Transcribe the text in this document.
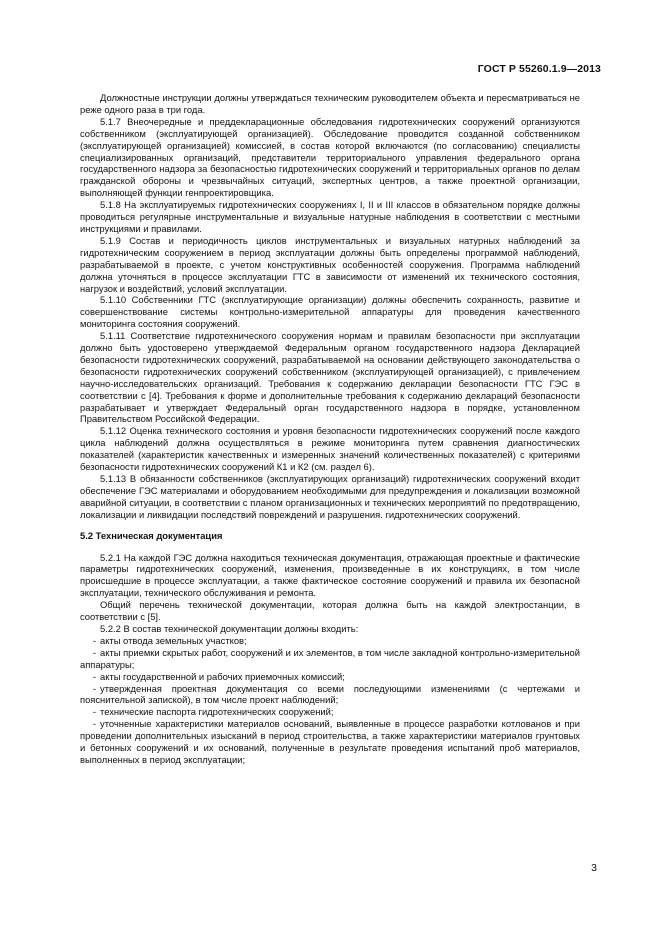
ГОСТ Р 55260.1.9—2013

Должностные инструкции должны утверждаться техническим руководителем объекта и пересматриваться не реже одного раза в три года.

5.1.7 Внеочередные и преддекларационные обследования гидротехнических сооружений организуются собственником (эксплуатирующей организацией). Обследование проводится созданной собственником (эксплуатирующей организацией) комиссией, в состав которой включаются (по согласованию) специалисты специализированных организаций, представители территориального управления федерального органа государственного надзора за безопасностью гидротехнических сооружений и территориальных органов по делам гражданской обороны и чрезвычайных ситуаций, экспертных центров, а также проектной организации, выполняющей функции генпроектировщика.

5.1.8 На эксплуатируемых гидротехнических сооружениях I, II и III классов в обязательном порядке должны проводиться регулярные инструментальные и визуальные натурные наблюдения в соответствии с местными инструкциями и правилами.

5.1.9 Состав и периодичность циклов инструментальных и визуальных натурных наблюдений за гидротехническим сооружением в период эксплуатации должны быть определены программой наблюдений, разрабатываемой в проекте, с учетом конструктивных особенностей сооружения. Программа наблюдений должна уточняться в процессе эксплуатации ГТС в зависимости от изменений их технического состояния, нагрузок и воздействий, условий эксплуатации.

5.1.10 Собственники ГТС (эксплуатирующие организации) должны обеспечить сохранность, развитие и совершенствование системы контрольно-измерительной аппаратуры для проведения качественного мониторинга состояния сооружений.

5.1.11 Соответствие гидротехнического сооружения нормам и правилам безопасности при эксплуатации должно быть удостоверено утверждаемой Федеральным органом государственного надзора Декларацией безопасности гидротехнических сооружений, разрабатываемой на основании действующего законодательства о безопасности гидротехнических сооружений собственником (эксплуатирующей организацией), с привлечением научно-исследовательских организаций. Требования к содержанию декларации безопасности ГТС ГЭС в соответствии с [4]. Требования к форме и дополнительные требования к содержанию деклараций безопасности разрабатывает и утверждает Федеральный орган государственного надзора в порядке, установленном Правительством Российской Федерации.

5.1.12 Оценка технического состояния и уровня безопасности гидротехнических сооружений после каждого цикла наблюдений должна осуществляться в режиме мониторинга путем сравнения диагностических показателей (характеристик качественных и измеренных значений количественных показателей) с критериями безопасности гидротехнических сооружений К1 и К2 (см. раздел 6).

5.1.13 В обязанности собственников (эксплуатирующих организаций) гидротехнических сооружений входит обеспечение ГЭС материалами и оборудованием необходимыми для предупреждения и локализации возможной аварийной ситуации, в соответствии с планом организационных и технических мероприятий по предотвращению, локализации и ликвидации последствий повреждений и разрушения. гидротехнических сооружений.

5.2 Техническая документация

5.2.1 На каждой ГЭС должна находиться техническая документация, отражающая проектные и фактические параметры гидротехнических сооружений, изменения, произведенные в их конструкциях, в том числе происшедшие в процессе эксплуатации, а также фактическое состояние сооружений и правила их безопасной эксплуатации, технического обслуживания и ремонта.

Общий перечень технической документации, которая должна быть на каждой электростанции, в соответствии с [5].

5.2.2 В состав технической документации должны входить:

- акты отвода земельных участков;

- акты приемки скрытых работ, сооружений и их элементов, в том числе закладной контрольно-измерительной аппаратуры;

- акты государственной и рабочих приемочных комиссий;

- утвержденная проектная документация со всеми последующими изменениями (с чертежами и пояснительной запиской), в том числе проект наблюдений;

- технические паспорта гидротехнических сооружений;

- уточненные характеристики материалов оснований, выявленные в процессе разработки котлованов и при проведении дополнительных изысканий в период строительства, а также характеристики материалов грунтовых и бетонных сооружений и их оснований, полученные в результате проведения испытаний проб материалов, выполненных в период эксплуатации;

3
